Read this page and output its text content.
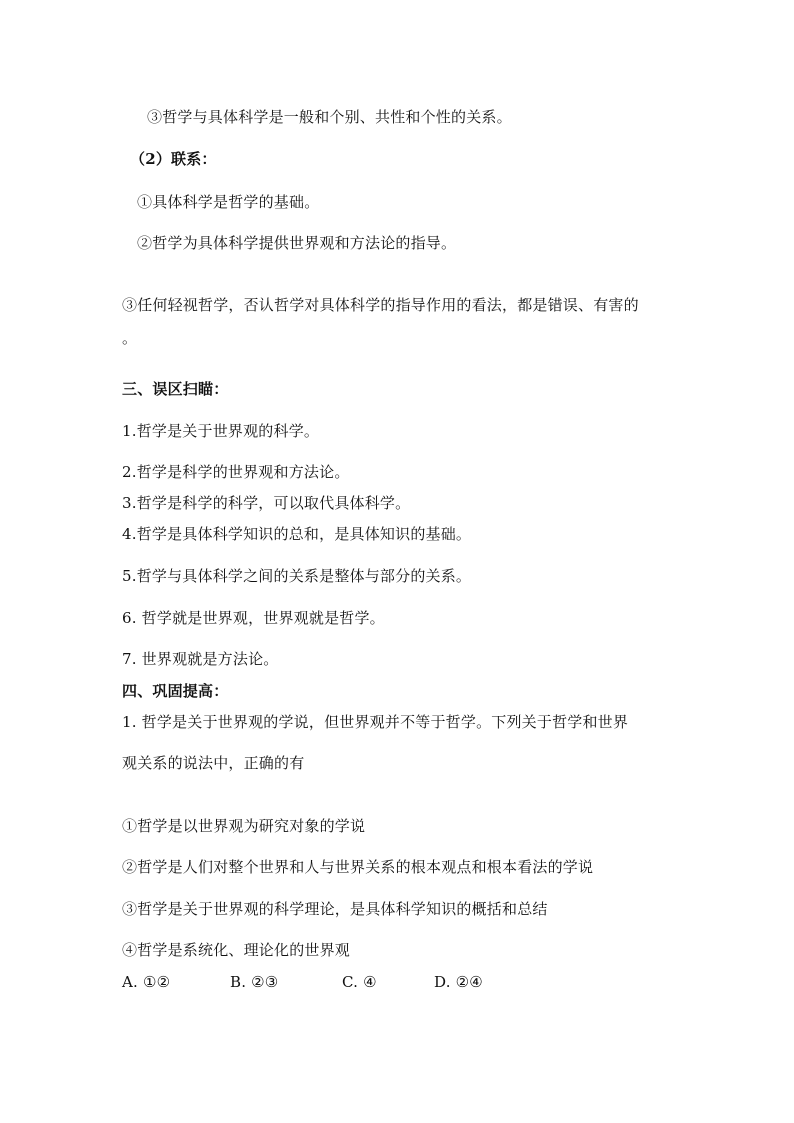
③哲学与具体科学是一般和个别、共性和个性的关系。
（2）联系：
①具体科学是哲学的基础。
②哲学为具体科学提供世界观和方法论的指导。
③任何轻视哲学，否认哲学对具体科学的指导作用的看法，都是错误、有害的
。
三、误区扫瞄：
1.哲学是关于世界观的科学。
2.哲学是科学的世界观和方法论。
3.哲学是科学的科学，可以取代具体科学。
4.哲学是具体科学知识的总和，是具体知识的基础。
5.哲学与具体科学之间的关系是整体与部分的关系。
6. 哲学就是世界观，世界观就是哲学。
7. 世界观就是方法论。
四、巩固提高：
1. 哲学是关于世界观的学说，但世界观并不等于哲学。下列关于哲学和世界
观关系的说法中，正确的有
①哲学是以世界观为研究对象的学说
②哲学是人们对整个世界和人与世界关系的根本观点和根本看法的学说
③哲学是关于世界观的科学理论，是具体科学知识的概括和总结
④哲学是系统化、理论化的世界观
A. ①②	B. ②③	C. ④	D. ②④
